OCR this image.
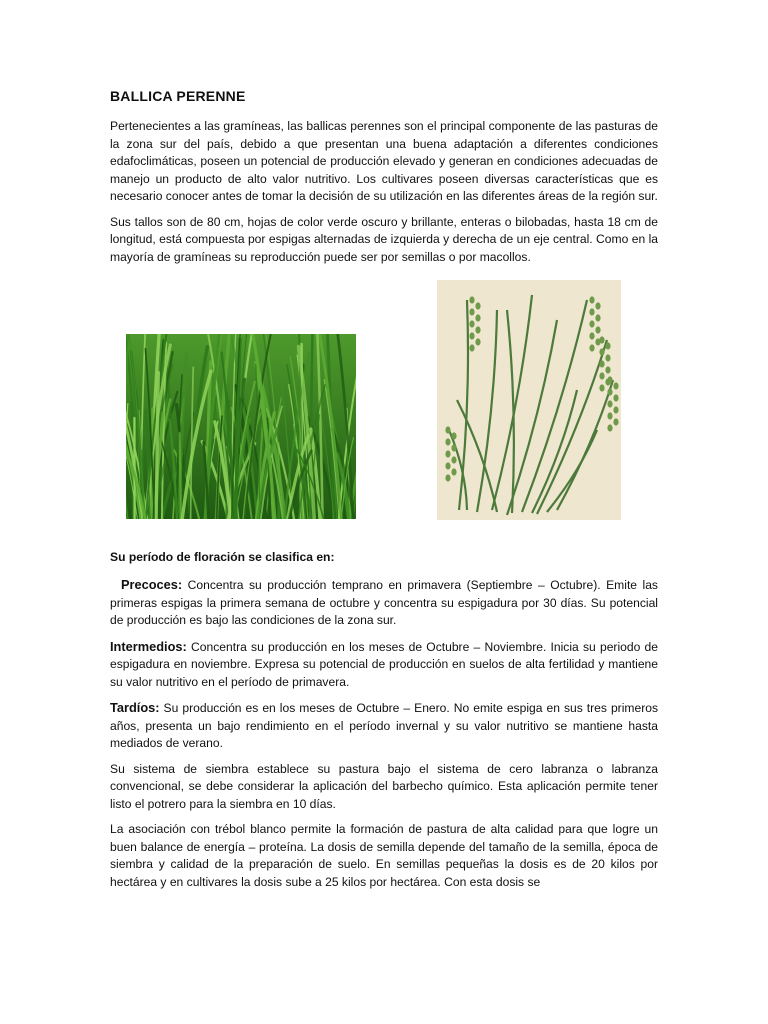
BALLICA PERENNE

Pertenecientes a las gramíneas, las ballicas perennes son el principal componente de las pasturas de la zona sur del país, debido a que presentan una buena adaptación a diferentes condiciones edafoclimáticas, poseen un potencial de producción elevado y generan en condiciones adecuadas de manejo un producto de alto valor nutritivo. Los cultivares poseen diversas características que es necesario conocer antes de tomar la decisión de su utilización en las diferentes áreas de la región sur.

Sus tallos son de 80 cm, hojas de color verde oscuro y brillante, enteras o bilobadas, hasta 18 cm de longitud, está compuesta por espigas alternadas de izquierda y derecha de un eje central. Como en la mayoría de gramíneas su reproducción puede ser por semillas o por macollos.

Su período de floración se clasifica en:

Precoces: Concentra su producción temprano en primavera (Septiembre – Octubre). Emite las primeras espigas la primera semana de octubre y concentra su espigadura por 30 días. Su potencial de producción es bajo las condiciones de la zona sur.

Intermedios: Concentra su producción en los meses de Octubre – Noviembre. Inicia su periodo de espigadura en noviembre. Expresa su potencial de producción en suelos de alta fertilidad y mantiene su valor nutritivo en el período de primavera.

Tardíos: Su producción es en los meses de Octubre – Enero. No emite espiga en sus tres primeros años, presenta un bajo rendimiento en el período invernal y su valor nutritivo se mantiene hasta mediados de verano.

Su sistema de siembra establece su pastura bajo el sistema de cero labranza o labranza convencional, se debe considerar la aplicación del barbecho químico. Esta aplicación permite tener listo el potrero para la siembra en 10 días.

La asociación con trébol blanco permite la formación de pastura de alta calidad para que logre un buen balance de energía – proteína. La dosis de semilla depende del tamaño de la semilla, época de siembra y calidad de la preparación de suelo. En semillas pequeñas la dosis es de 20 kilos por hectárea y en cultivares la dosis sube a 25 kilos por hectárea. Con esta dosis se
